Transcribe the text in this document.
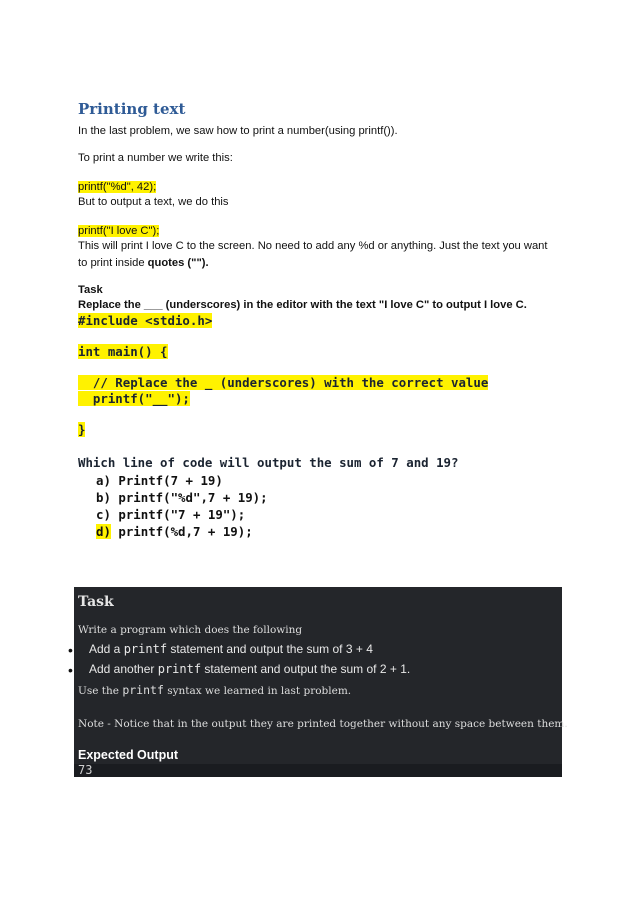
Printing text
In the last problem, we saw how to print a number(using printf()).
To print a number we write this:
printf("%d", 42);
But to output a text, we do this
printf("I love C");
This will print I love C to the screen. No need to add any %d or anything. Just the text you want to print inside quotes ("").
Task
Replace the ___ (underscores) in the editor with the text "I love C" to output I love C.
#include <stdio.h>
int main() {
// Replace the _ (underscores) with the correct value
printf("__");
}
Which line of code will output the sum of 7 and 19?
a) Printf(7 + 19)
b) printf("%d",7 + 19);
c) printf("7 + 19");
d) printf(%d,7 + 19);
Task
Write a program which does the following
• Add a printf statement and output the sum of 3 + 4
• Add another printf statement and output the sum of 2 + 1.
Use the printf syntax we learned in last problem.
Note - Notice that in the output they are printed together without any space between them.
Expected Output
73
